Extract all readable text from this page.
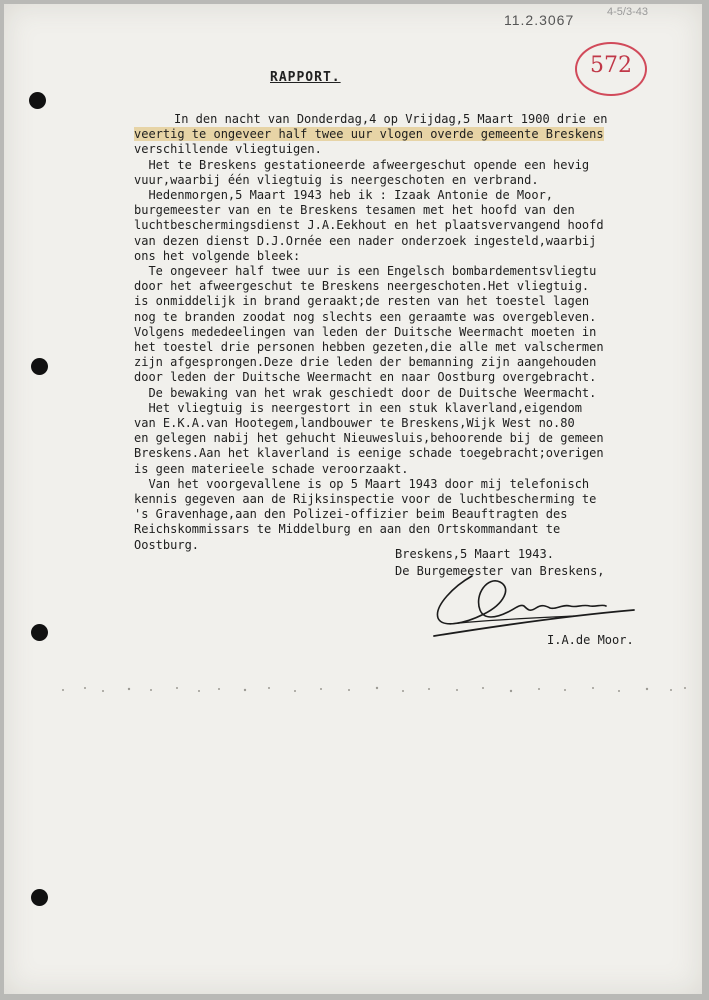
11.2.3067	4-5/3-43
572
RAPPORT.

In den nacht van Donderdag,4 op Vrijdag,5 Maart 1900 drie en

veertig te ongeveer half twee uur vlogen overde gemeente Breskens

verschillende vliegtuigen.

Het te Breskens gestationeerde afweergeschut opende een hevig

vuur,waarbij één vliegtuig is neergeschoten en verbrand.

Hedenmorgen,5 Maart 1943 heb ik : Izaak Antonie de Moor,

burgemeester van en te Breskens tesamen met het hoofd van den

luchtbeschermingsdienst J.A.Eekhout en het plaatsvervangend hoofd

van dezen dienst D.J.Ornée een nader onderzoek ingesteld,waarbij

ons het volgende bleek:

Te ongeveer half twee uur is een Engelsch bombardementsvliegtu

door het afweergeschut te Breskens neergeschoten.Het vliegtuig.

is onmiddelijk in brand geraakt;de resten van het toestel lagen

nog te branden zoodat nog slechts een geraamte was overgebleven.

Volgens mededeelingen van leden der Duitsche Weermacht moeten in

het toestel drie personen hebben gezeten,die alle met valschermen

zijn afgesprongen.Deze drie leden der bemanning zijn aangehouden

door leden der Duitsche Weermacht en naar Oostburg overgebracht.

De bewaking van het wrak geschiedt door de Duitsche Weermacht.

Het vliegtuig is neergestort in een stuk klaverland,eigendom

van E.K.A.van Hootegem,landbouwer te Breskens,Wijk West no.80

en gelegen nabij het gehucht Nieuwesluis,behoorende bij de gemeen

Breskens.Aan het klaverland is eenige schade toegebracht;overigen

is geen materieele schade veroorzaakt.

Van het voorgevallene is op 5 Maart 1943 door mij telefonisch

kennis gegeven aan de Rijksinspectie voor de luchtbescherming te

's Gravenhage,aan den Polizei-offizier beim Beauftragten des

Reichskommissars te Middelburg en aan den Ortskommandant te

Oostburg.

Breskens,5 Maart 1943.

De Burgemeester van Breskens,

I.A.de Moor.
